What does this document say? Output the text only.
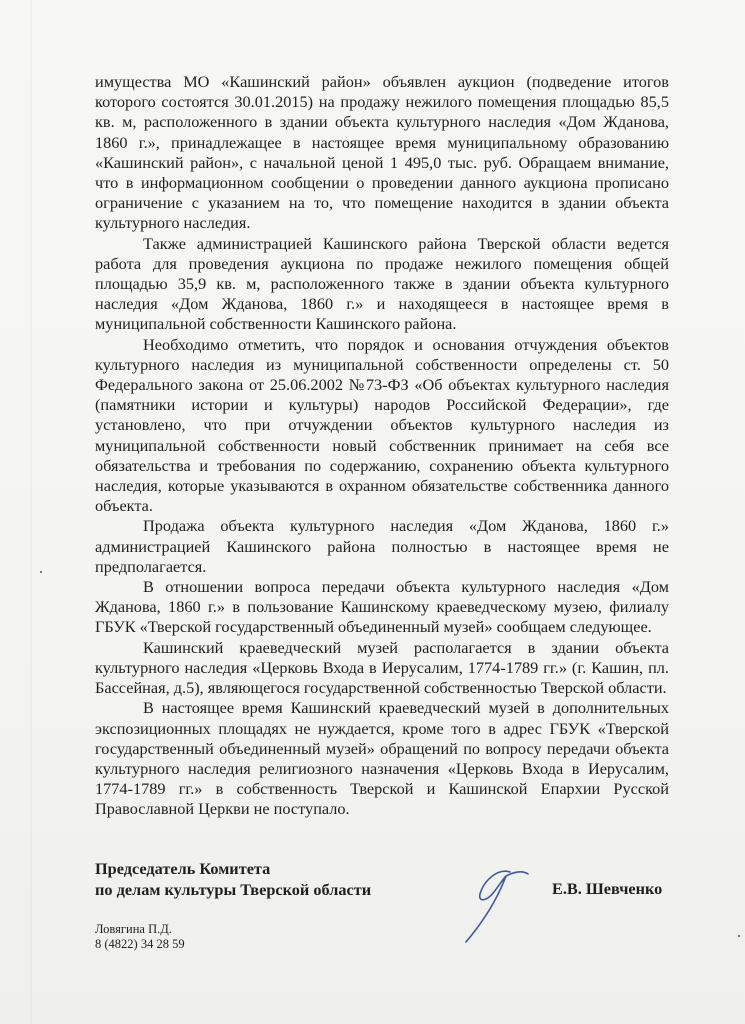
имущества МО «Кашинский район» объявлен аукцион (подведение итогов которого состоятся 30.01.2015) на продажу нежилого помещения площадью 85,5 кв. м, расположенного в здании объекта культурного наследия «Дом Жданова, 1860 г.», принадлежащее в настоящее время муниципальному образованию «Кашинский район», с начальной ценой 1 495,0 тыс. руб. Обращаем внимание, что в информационном сообщении о проведении данного аукциона прописано ограничение с указанием на то, что помещение находится в здании объекта культурного наследия.

Также администрацией Кашинского района Тверской области ведется работа для проведения аукциона по продаже нежилого помещения общей площадью 35,9 кв. м, расположенного также в здании объекта культурного наследия «Дом Жданова, 1860 г.» и находящееся в настоящее время в муниципальной собственности Кашинского района.

Необходимо отметить, что порядок и основания отчуждения объектов культурного наследия из муниципальной собственности определены ст. 50 Федерального закона от 25.06.2002 №73-ФЗ «Об объектах культурного наследия (памятники истории и культуры) народов Российской Федерации», где установлено, что при отчуждении объектов культурного наследия из муниципальной собственности новый собственник принимает на себя все обязательства и требования по содержанию, сохранению объекта культурного наследия, которые указываются в охранном обязательстве собственника данного объекта.

Продажа объекта культурного наследия «Дом Жданова, 1860 г.» администрацией Кашинского района полностью в настоящее время не предполагается.

В отношении вопроса передачи объекта культурного наследия «Дом Жданова, 1860 г.» в пользование Кашинскому краеведческому музею, филиалу ГБУК «Тверской государственный объединенный музей» сообщаем следующее.

Кашинский краеведческий музей располагается в здании объекта культурного наследия «Церковь Входа в Иерусалим, 1774-1789 гг.» (г. Кашин, пл. Бассейная, д.5), являющегося государственной собственностью Тверской области.

В настоящее время Кашинский краеведческий музей в дополнительных экспозиционных площадях не нуждается, кроме того в адрес ГБУК «Тверской государственный объединенный музей» обращений по вопросу передачи объекта культурного наследия религиозного назначения «Церковь Входа в Иерусалим, 1774-1789 гг.» в собственность Тверской и Кашинской Епархии Русской Православной Церкви не поступало.

Председатель Комитета
по делам культуры Тверской области	Е.В. Шевченко
Ловягина П.Д.
8 (4822) 34 28 59
